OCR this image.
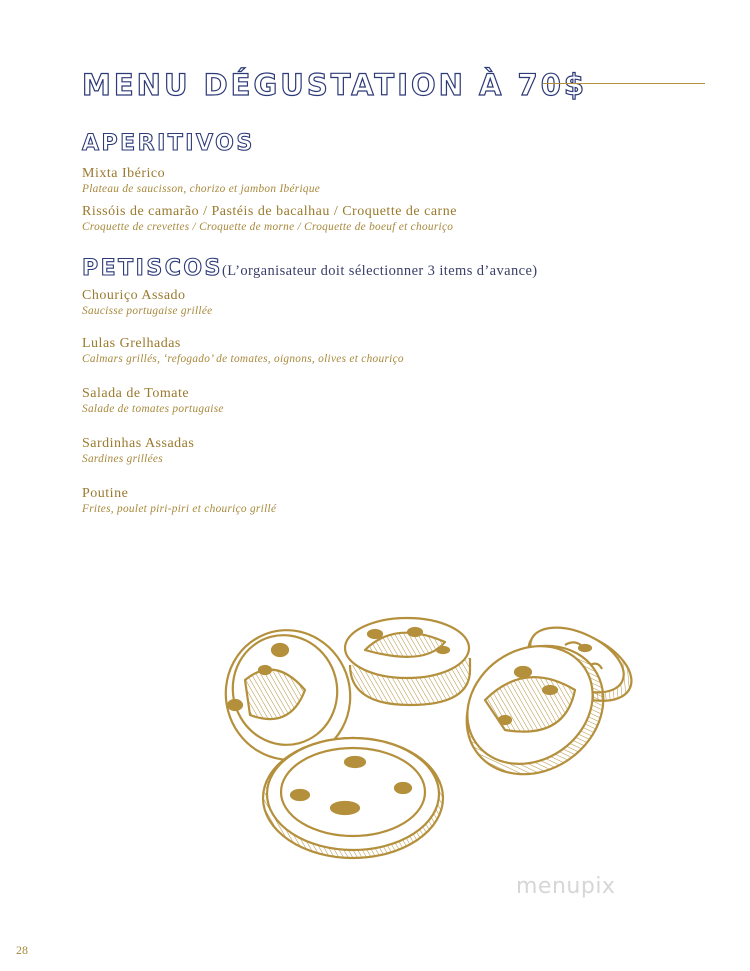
MENU DÉGUSTATION À 70$
APERITIVOS
Mixta Ibérico
Plateau de saucisson, chorizo et jambon Ibérique
Rissóis de camarão / Pastéis de bacalhau / Croquette de carne
Croquette de crevettes / Croquette de morne / Croquette de boeuf et chouriço
PETISCOS (L’organisateur doit sélectionner 3 items d’avance)
Chouriço Assado
Saucisse portugaise grillée
Lulas Grelhadas
Calmars grillés, ‘refogado’ de tomates, oignons, olives et chouriço
Salada de Tomate
Salade de tomates portugaise
Sardinhas Assadas
Sardines grillées
Poutine
Frites, poulet piri-piri et chouriço grillé
menupix
28
